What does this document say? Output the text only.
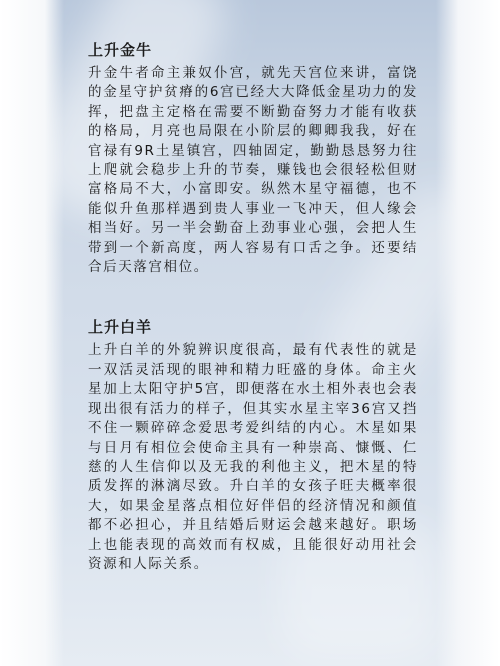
上升金牛

升金牛者命主兼奴仆宫，就先天宫位来讲，富饶的金星守护贫瘠的6宫已经大大降低金星功力的发挥，把盘主定格在需要不断勤奋努力才能有收获的格局，月亮也局限在小阶层的卿卿我我，好在官禄有9R土星镇宫，四轴固定，勤勤恳恳努力往上爬就会稳步上升的节奏，赚钱也会很轻松但财富格局不大，小富即安。纵然木星守福德，也不能似升鱼那样遇到贵人事业一飞冲天，但人缘会相当好。另一半会勤奋上劲事业心强，会把人生带到一个新高度，两人容易有口舌之争。还要结合后天落宫相位。

上升白羊

上升白羊的外貌辨识度很高，最有代表性的就是一双活灵活现的眼神和精力旺盛的身体。命主火星加上太阳守护5宫，即便落在水土相外表也会表现出很有活力的样子，但其实水星主宰36宫又挡不住一颗碎碎念爱思考爱纠结的内心。木星如果与日月有相位会使命主具有一种崇高、慷慨、仁慈的人生信仰以及无我的利他主义，把木星的特质发挥的淋漓尽致。升白羊的女孩子旺夫概率很大，如果金星落点相位好伴侣的经济情况和颜值都不必担心，并且结婚后财运会越来越好。职场上也能表现的高效而有权威，且能很好动用社会资源和人际关系。
